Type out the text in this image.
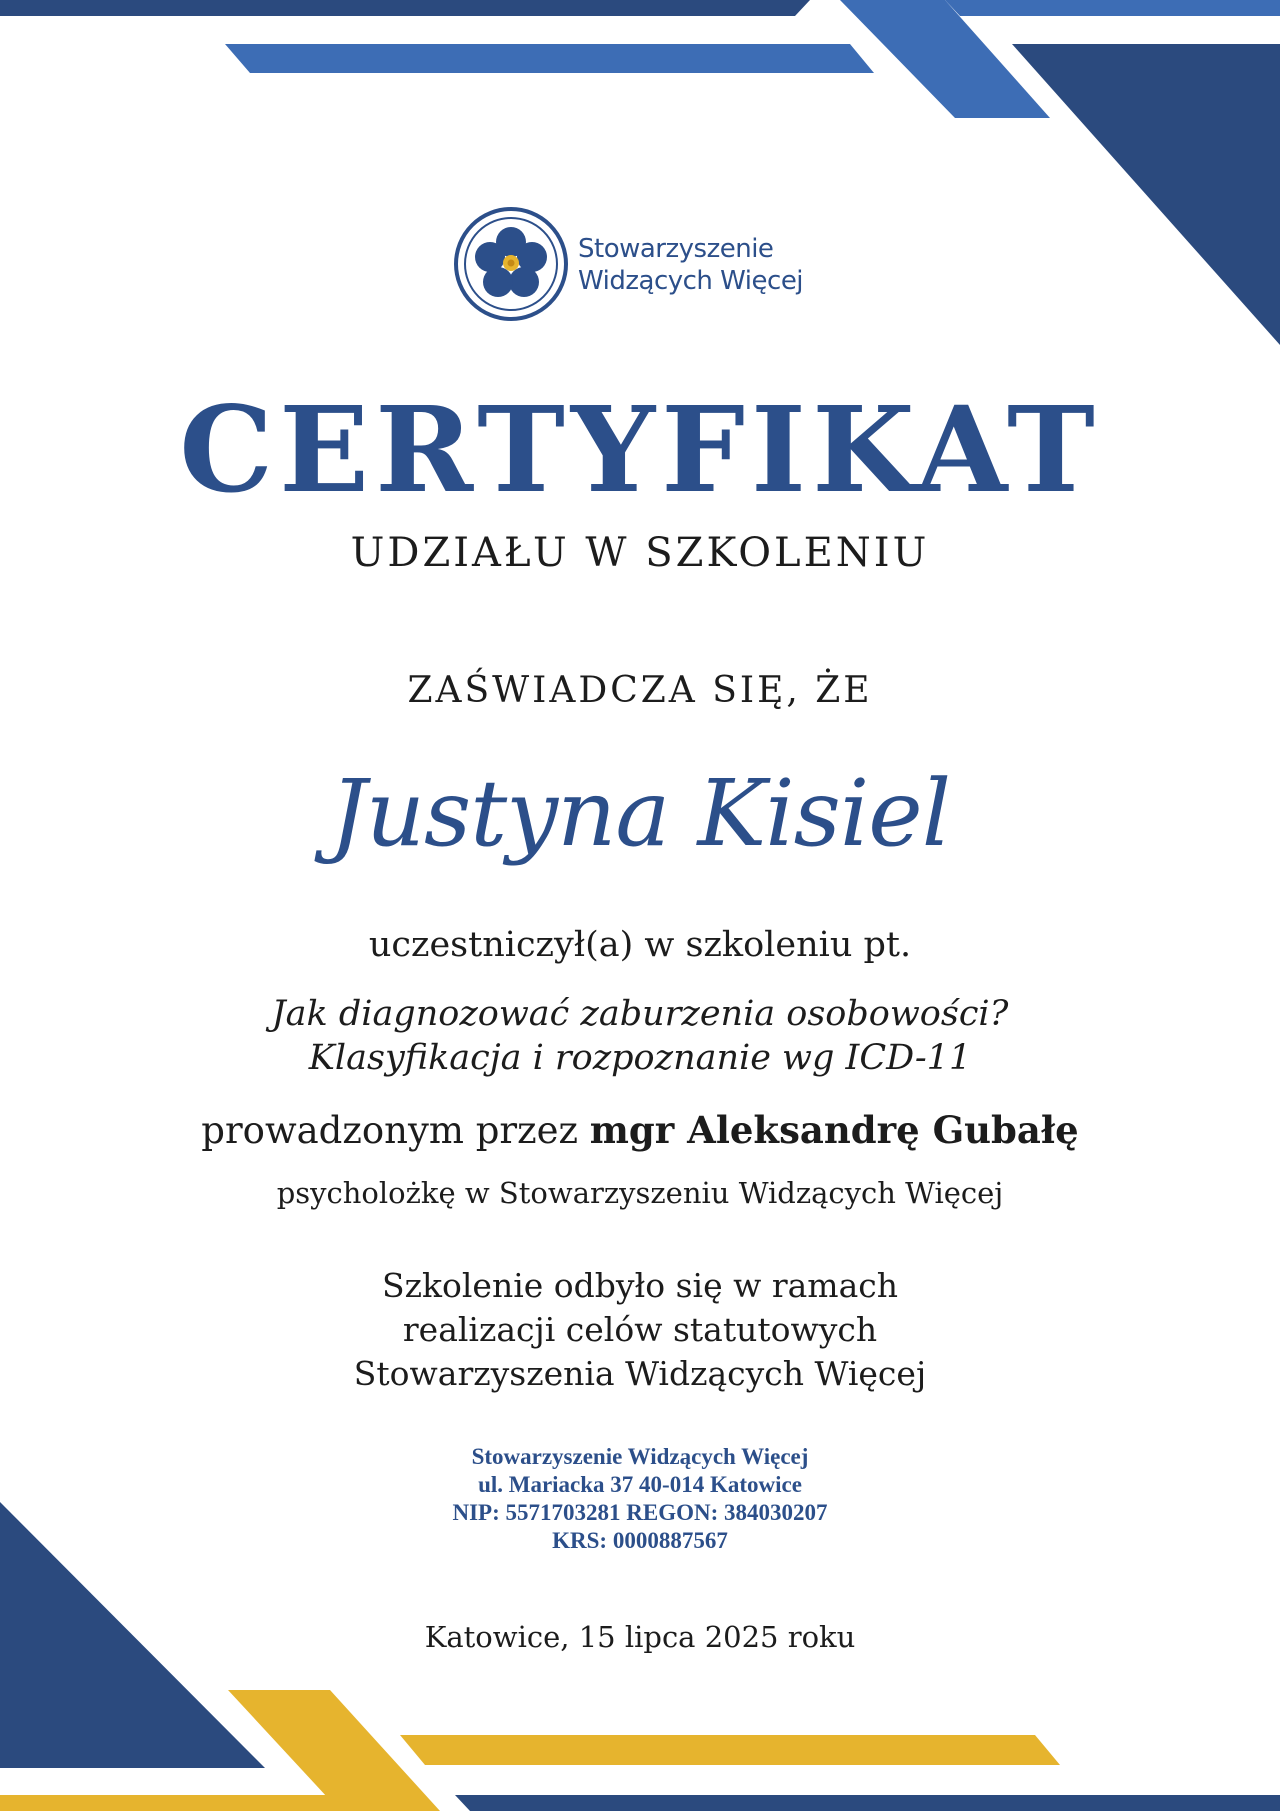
Stowarzyszenie
Widzących Więcej
CERTYFIKAT
UDZIAŁU W SZKOLENIU
ZAŚWIADCZA SIĘ, ŻE
Justyna Kisiel
uczestniczył(a) w szkoleniu pt.
Jak diagnozować zaburzenia osobowości?
Klasyfikacja i rozpoznanie wg ICD-11
prowadzonym przez mgr Aleksandrę Gubałę
psycholożkę w Stowarzyszeniu Widzących Więcej
Szkolenie odbyło się w ramach
realizacji celów statutowych
Stowarzyszenia Widzących Więcej
Stowarzyszenie Widzących Więcej
ul. Mariacka 37 40-014 Katowice
NIP: 5571703281 REGON: 384030207
KRS: 0000887567
Katowice, 15 lipca 2025 roku
